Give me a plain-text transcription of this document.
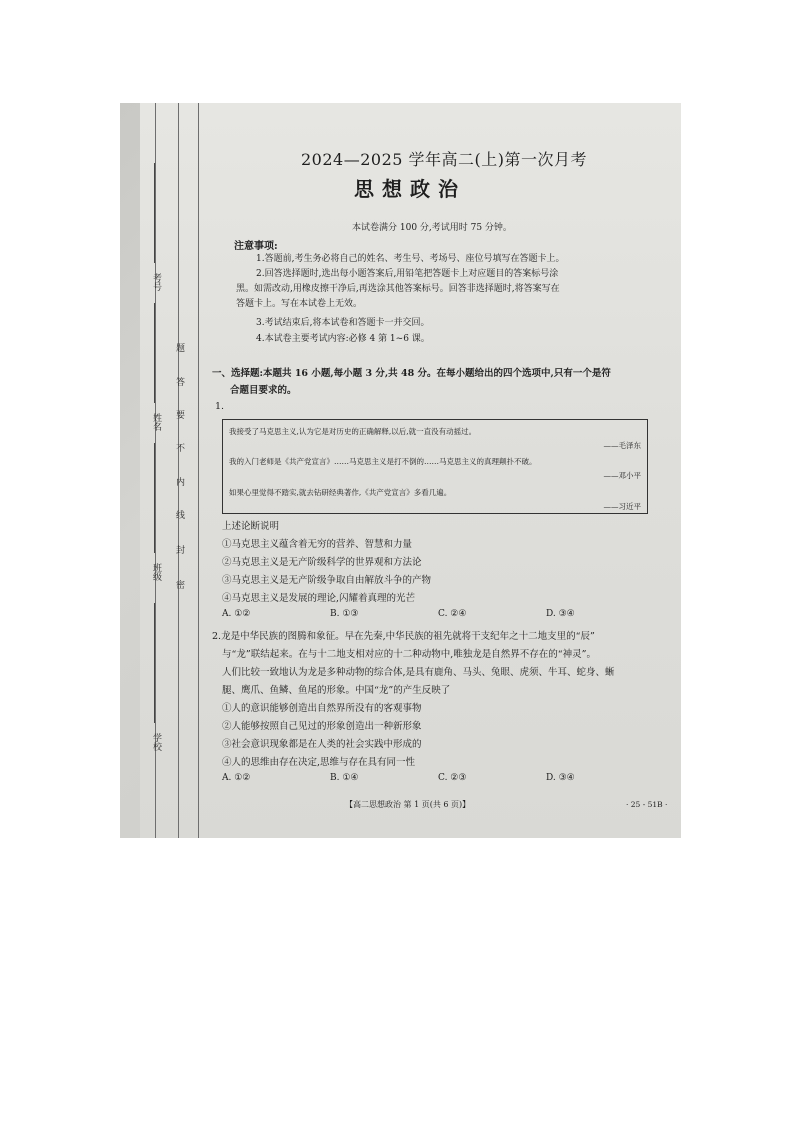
考号
姓名
班级
学校
密
封
线
内
不
要
答
题
2024—2025 学年高二(上)第一次月考
思想政治
本试卷满分 100 分,考试用时 75 分钟。
注意事项:
1.答题前,考生务必将自己的姓名、考生号、考场号、座位号填写在答题卡上。
2.回答选择题时,选出每小题答案后,用铅笔把答题卡上对应题目的答案标号涂
黑。如需改动,用橡皮擦干净后,再选涂其他答案标号。回答非选择题时,将答案写在
答题卡上。写在本试卷上无效。
3.考试结束后,将本试卷和答题卡一并交回。
4.本试卷主要考试内容:必修 4 第 1~6 课。
一、选择题:本题共 16 小题,每小题 3 分,共 48 分。在每小题给出的四个选项中,只有一个是符
合题目要求的。
1.
我接受了马克思主义,认为它是对历史的正确解释,以后,就一直没有动摇过。
——毛泽东
我的入门老师是《共产党宣言》……马克思主义是打不倒的……马克思主义的真理颠扑不破。
——邓小平
如果心里觉得不踏实,就去钻研经典著作,《共产党宣言》多看几遍。
——习近平
上述论断说明
①马克思主义蕴含着无穷的营养、智慧和力量
②马克思主义是无产阶级科学的世界观和方法论
③马克思主义是无产阶级争取自由解放斗争的产物
④马克思主义是发展的理论,闪耀着真理的光芒
A. ①②	B. ①③	C. ②④	D. ③④
2.龙是中华民族的图腾和象征。早在先秦,中华民族的祖先就将干支纪年之十二地支里的“辰”
与“龙”联结起来。在与十二地支相对应的十二种动物中,唯独龙是自然界不存在的“神灵”。
人们比较一致地认为龙是多种动物的综合体,是具有鹿角、马头、兔眼、虎须、牛耳、蛇身、蜥
腿、鹰爪、鱼鳞、鱼尾的形象。中国“龙”的产生反映了
①人的意识能够创造出自然界所没有的客观事物
②人能够按照自己见过的形象创造出一种新形象
③社会意识现象都是在人类的社会实践中形成的
④人的思维由存在决定,思维与存在具有同一性
A. ①②	B. ①④	C. ②③	D. ③④
【高二思想政治 第 1 页(共 6 页)】	· 25 - 51B ·
